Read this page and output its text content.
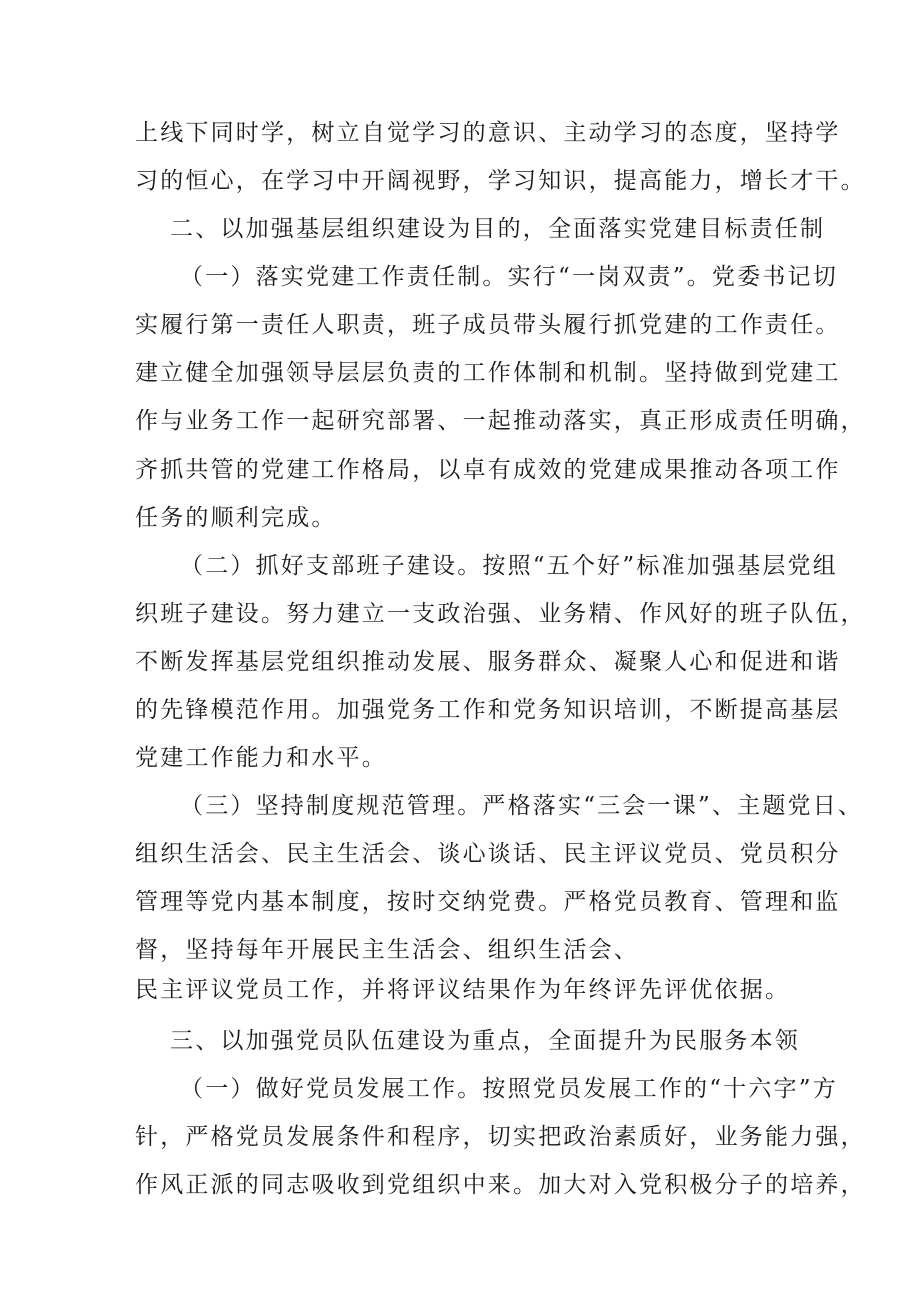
上线下同时学，树立自觉学习的意识、主动学习的态度，坚持学
习的恒心，在学习中开阔视野，学习知识，提高能力，增长才干。
二、以加强基层组织建设为目的，全面落实党建目标责任制
（一）落实党建工作责任制。实行“一岗双责”。党委书记切
实履行第一责任人职责，班子成员带头履行抓党建的工作责任。
建立健全加强领导层层负责的工作体制和机制。坚持做到党建工
作与业务工作一起研究部署、一起推动落实，真正形成责任明确，
齐抓共管的党建工作格局，以卓有成效的党建成果推动各项工作
任务的顺利完成。
（二）抓好支部班子建设。按照“五个好”标准加强基层党组
织班子建设。努力建立一支政治强、业务精、作风好的班子队伍，
不断发挥基层党组织推动发展、服务群众、凝聚人心和促进和谐
的先锋模范作用。加强党务工作和党务知识培训，不断提高基层
党建工作能力和水平。
（三）坚持制度规范管理。严格落实“三会一课”、主题党日、
组织生活会、民主生活会、谈心谈话、民主评议党员、党员积分
管理等党内基本制度，按时交纳党费。严格党员教育、管理和监
督，坚持每年开展民主生活会、组织生活会、
民主评议党员工作，并将评议结果作为年终评先评优依据。
三、以加强党员队伍建设为重点，全面提升为民服务本领
（一）做好党员发展工作。按照党员发展工作的“十六字”方
针，严格党员发展条件和程序，切实把政治素质好，业务能力强，
作风正派的同志吸收到党组织中来。加大对入党积极分子的培养，
